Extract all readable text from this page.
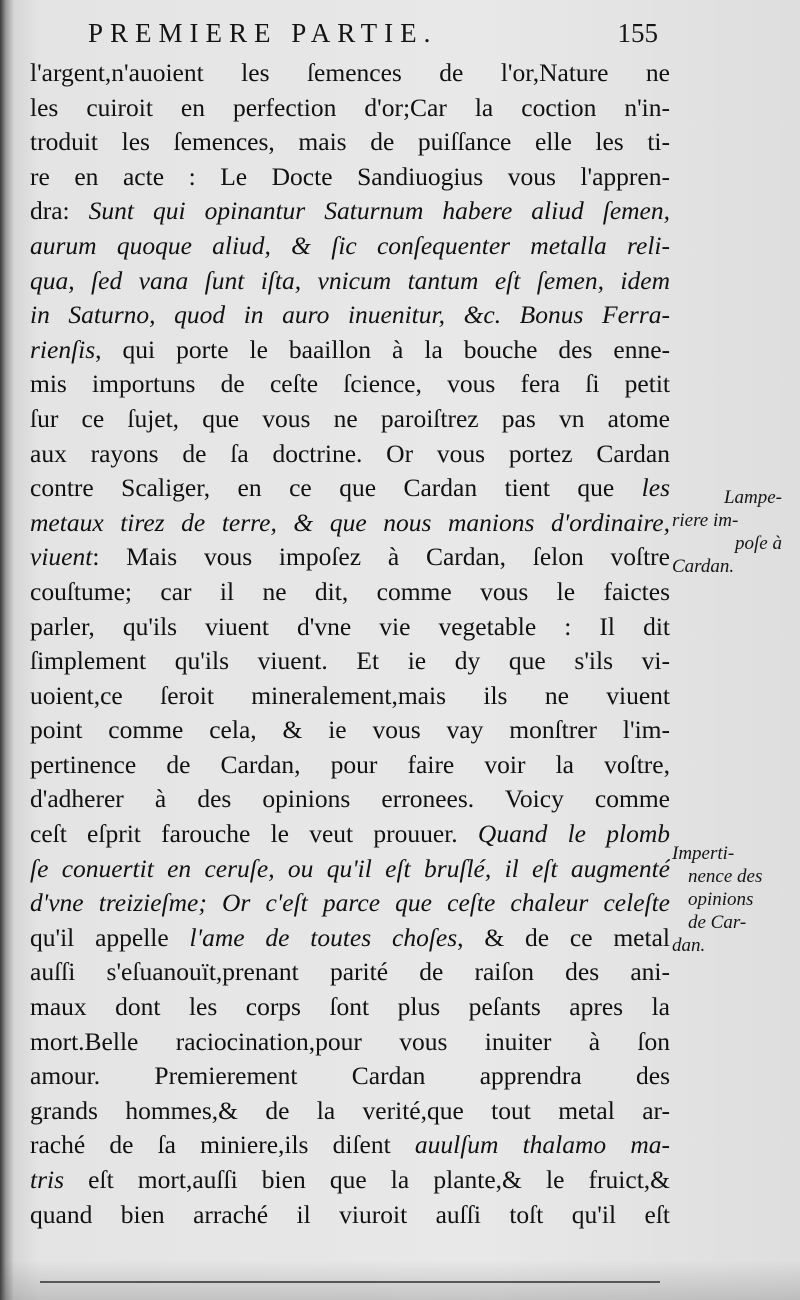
PREMIERE PARTIE.	155
l'argent,n'auoient les ſemences de l'or,Nature ne
les cuiroit en perfection d'or;Car la coction n'in-
troduit les ſemences, mais de puiſſance elle les ti-
re en acte : Le Docte Sandiuogius vous l'appren-
dra: Sunt qui opinantur Saturnum habere aliud ſemen,
aurum quoque aliud, & ſic conſequenter metalla reli-
qua, ſed vana ſunt iſta, vnicum tantum eſt ſemen, idem
in Saturno, quod in auro inuenitur, &c. Bonus Ferra-
rienſis, qui porte le baaillon à la bouche des enne-
mis importuns de ceſte ſcience, vous fera ſi petit
ſur ce ſujet, que vous ne paroiſtrez pas vn atome
aux rayons de ſa doctrine. Or vous portez Cardan
contre Scaliger, en ce que Cardan tient que les
metaux tirez de terre, & que nous manions d'ordinaire,
viuent: Mais vous impoſez à Cardan, ſelon voſtre
couſtume; car il ne dit, comme vous le faictes
parler, qu'ils viuent d'vne vie vegetable : Il dit
ſimplement qu'ils viuent. Et ie dy que s'ils vi-
uoient,ce ſeroit mineralement,mais ils ne viuent
point comme cela, & ie vous vay monſtrer l'im-
pertinence de Cardan, pour faire voir la voſtre,
d'adherer à des opinions erronees. Voicy comme
ceſt eſprit farouche le veut prouuer. Quand le plomb
ſe conuertit en ceruſe, ou qu'il eſt bruſlé, il eſt augmenté
d'vne treizieſme; Or c'eſt parce que ceſte chaleur celeſte
qu'il appelle l'ame de toutes choſes, & de ce metal
auſſi s'eſuanouït,prenant parité de raiſon des ani-
maux dont les corps ſont plus peſants apres la
mort.Belle raciocination,pour vous inuiter à ſon
amour. Premierement Cardan apprendra des
grands hommes,& de la verité,que tout metal ar-
raché de ſa miniere,ils diſent auulſum thalamo ma-
tris eſt mort,auſſi bien que la plante,& le fruict,&
quand bien arraché il viuroit auſſi toſt qu'il eſt
Lampe-
riere im-
poſe à
Cardan.
Imperti-
nence des
opinions
de Car-
dan.
